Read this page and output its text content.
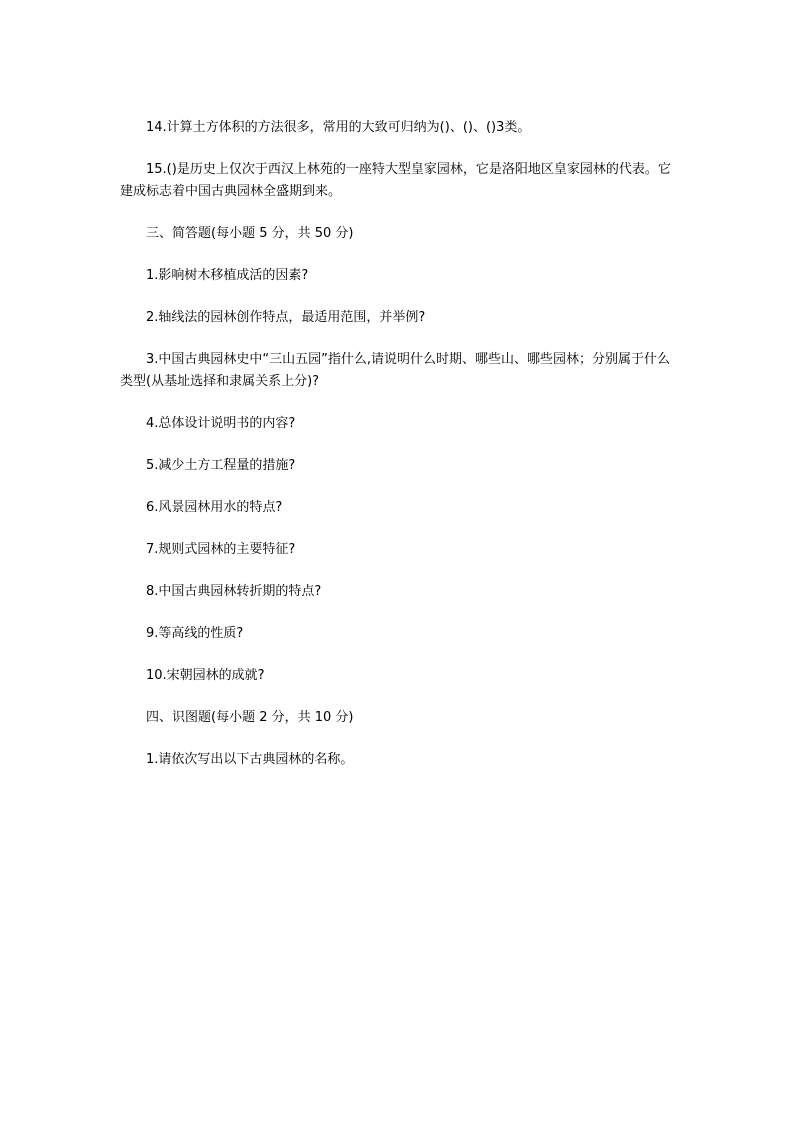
14.计算土方体积的方法很多，常用的大致可归纳为()、()、()3类。

15.()是历史上仅次于西汉上林苑的一座特大型皇家园林，它是洛阳地区皇家园林的代表。它建成标志着中国古典园林全盛期到来。

三、简答题(每小题 5 分，共 50 分)

1.影响树木移植成活的因素?

2.轴线法的园林创作特点，最适用范围，并举例?

3.中国古典园林史中“三山五园”指什么,请说明什么时期、哪些山、哪些园林；分别属于什么类型(从基址选择和隶属关系上分)?

4.总体设计说明书的内容?

5.减少土方工程量的措施?

6.风景园林用水的特点?

7.规则式园林的主要特征?

8.中国古典园林转折期的特点?

9.等高线的性质?

10.宋朝园林的成就?

四、识图题(每小题 2 分，共 10 分)

1.请依次写出以下古典园林的名称。
